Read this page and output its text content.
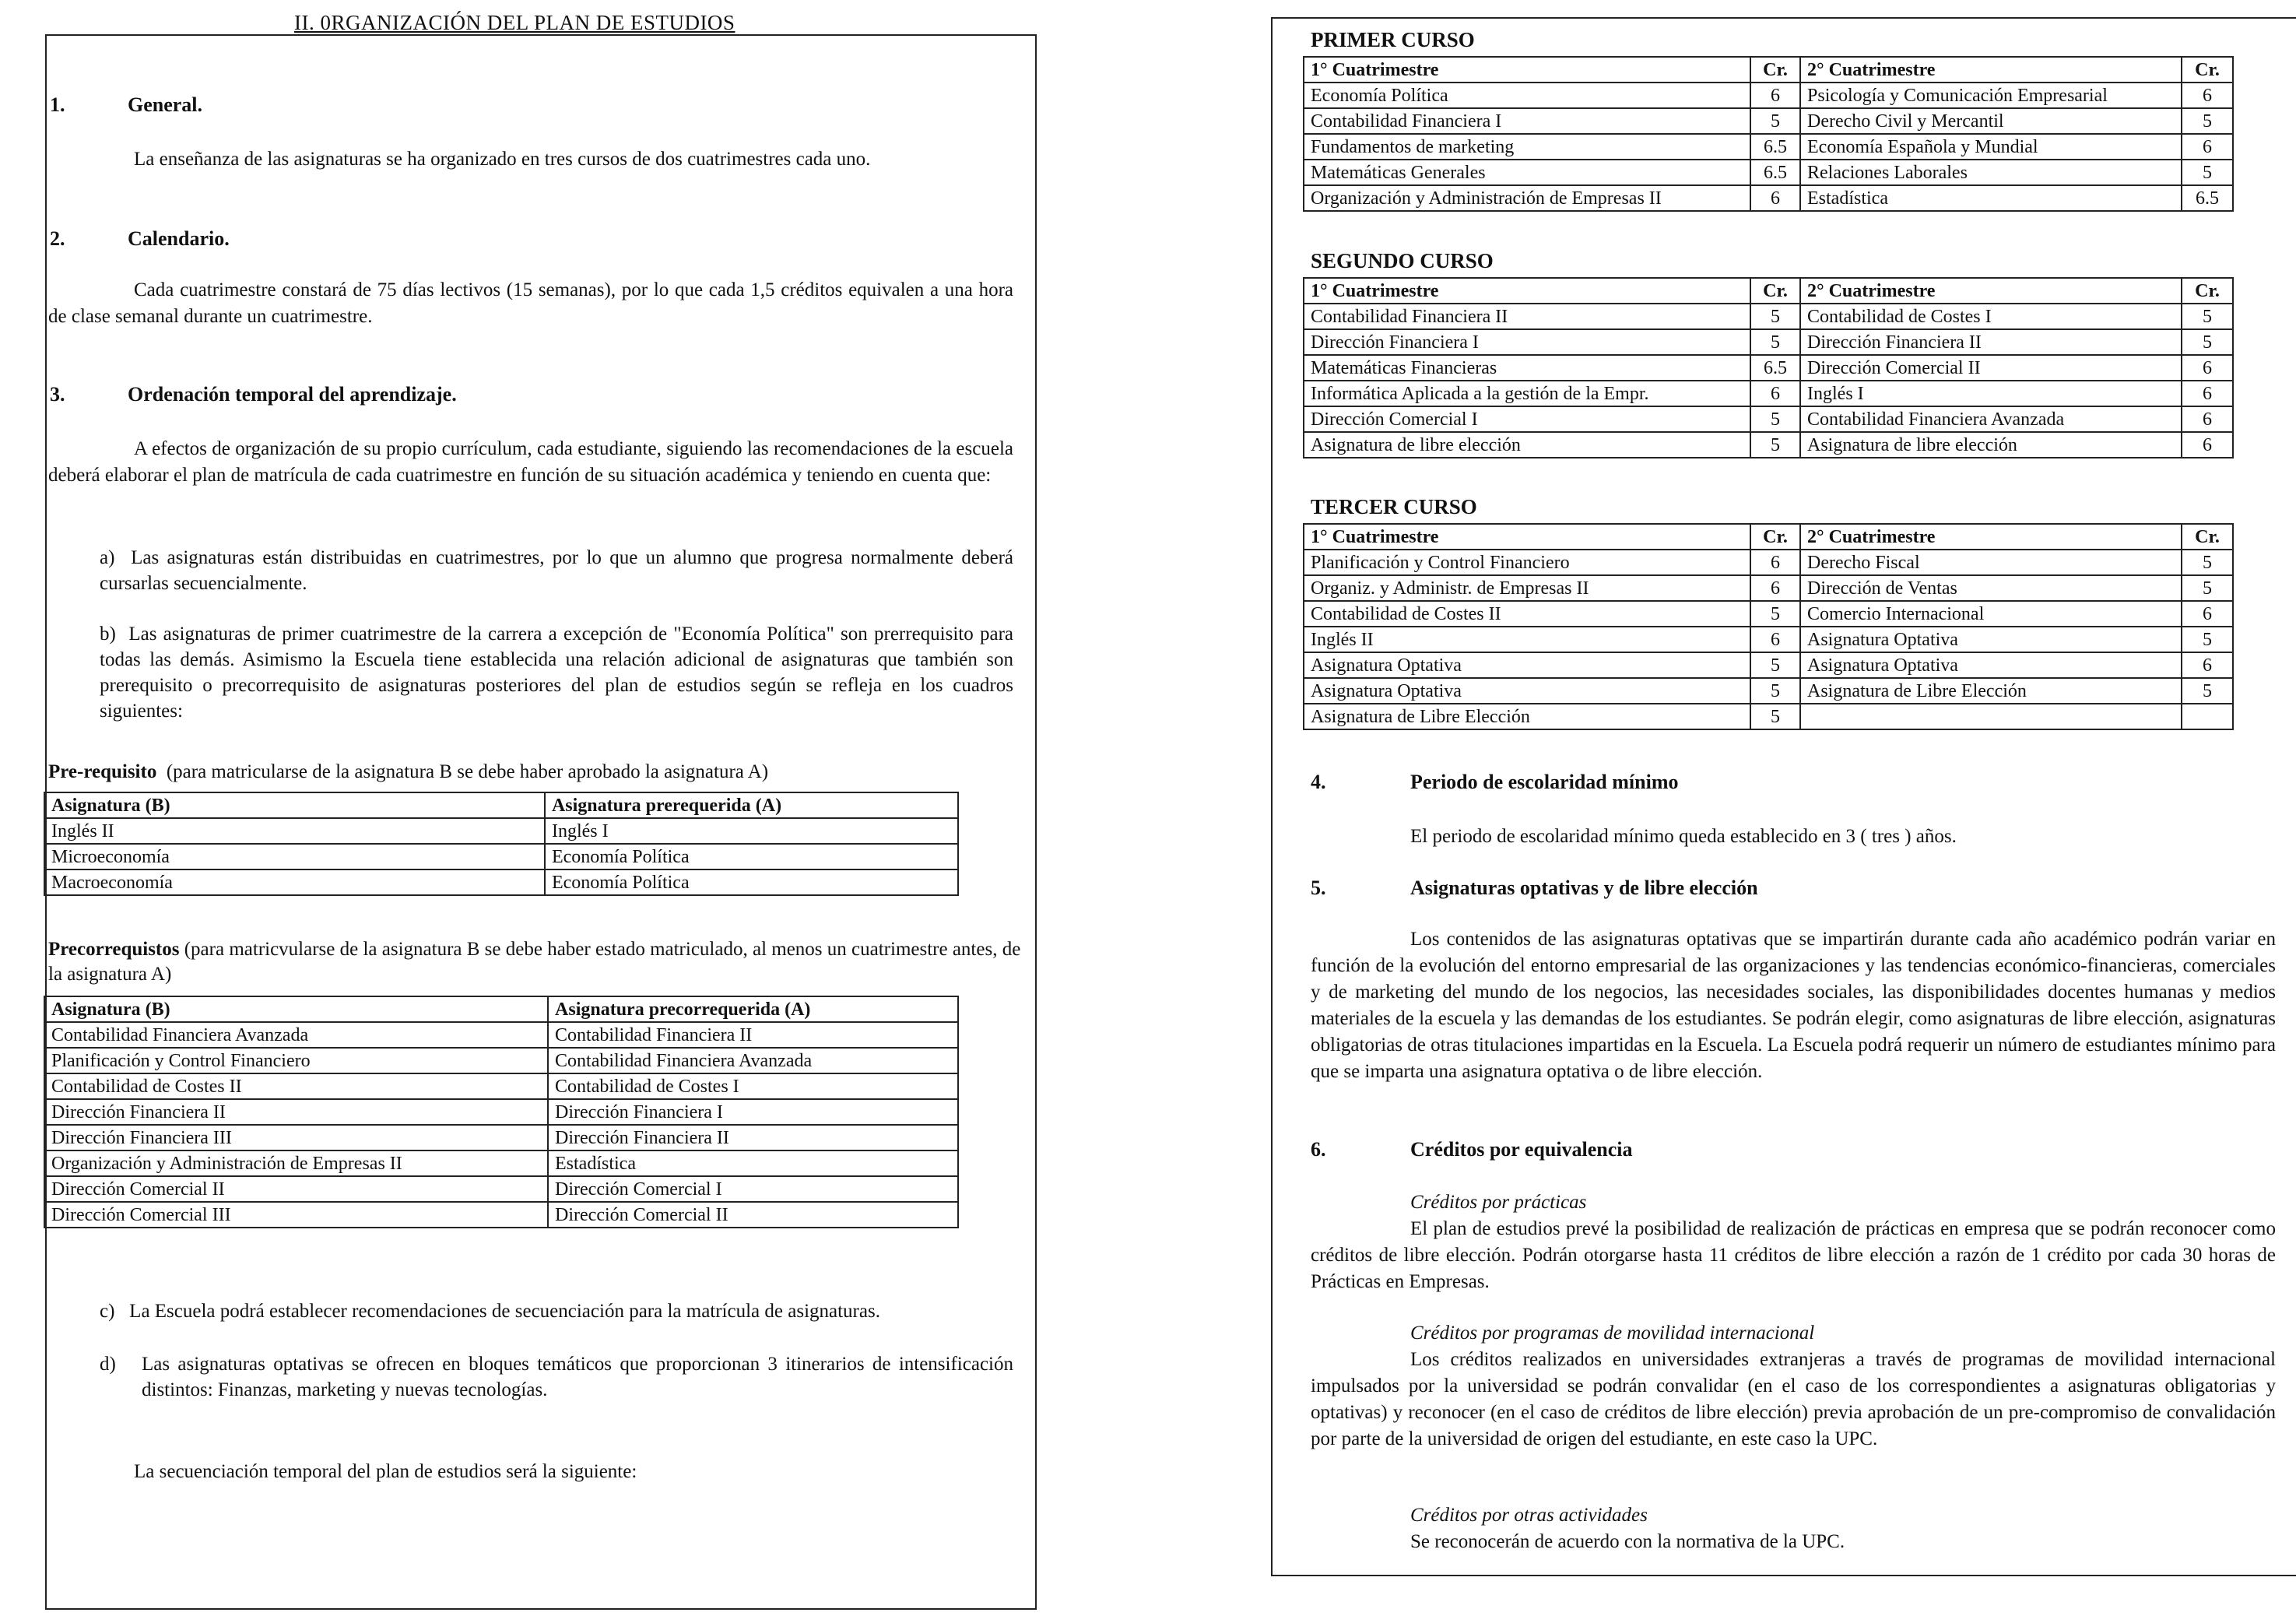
II. 0RGANIZACIÓN DEL PLAN DE ESTUDIOS
1.	General.
La enseñanza de las asignaturas se ha organizado en tres cursos de dos cuatrimestres cada uno.
2.	Calendario.
Cada cuatrimestre constará de 75 días lectivos (15 semanas), por lo que cada 1,5 créditos equivalen a una hora de clase semanal durante un cuatrimestre.
3.	Ordenación temporal del aprendizaje.
A efectos de organización de su propio currículum, cada estudiante, siguiendo las recomendaciones de la escuela deberá elaborar el plan de matrícula de cada cuatrimestre en función de su situación académica y teniendo en cuenta que:
a) Las asignaturas están distribuidas en cuatrimestres, por lo que un alumno que progresa normalmente deberá cursarlas secuencialmente.
b) Las asignaturas de primer cuatrimestre de la carrera a excepción de "Economía Política" son prerrequisito para todas las demás. Asimismo la Escuela tiene establecida una relación adicional de asignaturas que también son prerequisito o precorrequisito de asignaturas posteriores del plan de estudios según se refleja en los cuadros siguientes:
Pre-requisito (para matricularse de la asignatura B se debe haber aprobado la asignatura A)
Asignatura (B)	Asignatura prerequerida (A)
Inglés II	Inglés I
Microeconomía	Economía Política
Macroeconomía	Economía Política
Precorrequistos (para matricvularse de la asignatura B se debe haber estado matriculado, al menos un cuatrimestre antes, de la asignatura A)
Asignatura (B)	Asignatura precorrequerida (A)
Contabilidad Financiera Avanzada	Contabilidad Financiera II
Planificación y Control Financiero	Contabilidad Financiera Avanzada
Contabilidad de Costes II	Contabilidad de Costes I
Dirección Financiera II	Dirección Financiera I
Dirección Financiera III	Dirección Financiera II
Organización y Administración de Empresas II	Estadística
Dirección Comercial II	Dirección Comercial I
Dirección Comercial III	Dirección Comercial II
c) La Escuela podrá establecer recomendaciones de secuenciación para la matrícula de asignaturas.
d) Las asignaturas optativas se ofrecen en bloques temáticos que proporcionan 3 itinerarios de intensificación distintos: Finanzas, marketing y nuevas tecnologías.
La secuenciación temporal del plan de estudios será la siguiente:
PRIMER CURSO
1° Cuatrimestre	Cr.	2° Cuatrimestre	Cr.
Economía Política	6	Psicología y Comunicación Empresarial	6
Contabilidad Financiera I	5	Derecho Civil y Mercantil	5
Fundamentos de marketing	6.5	Economía Española y Mundial	6
Matemáticas Generales	6.5	Relaciones Laborales	5
Organización y Administración de Empresas II	6	Estadística	6.5
SEGUNDO CURSO
1° Cuatrimestre	Cr.	2° Cuatrimestre	Cr.
Contabilidad Financiera II	5	Contabilidad de Costes I	5
Dirección Financiera I	5	Dirección Financiera II	5
Matemáticas Financieras	6.5	Dirección Comercial II	6
Informática Aplicada a la gestión de la Empr.	6	Inglés I	6
Dirección Comercial I	5	Contabilidad Financiera Avanzada	6
Asignatura de libre elección	5	Asignatura de libre elección	6
TERCER CURSO
1° Cuatrimestre	Cr.	2° Cuatrimestre	Cr.
Planificación y Control Financiero	6	Derecho Fiscal	5
Organiz. y Administr. de Empresas II	6	Dirección de Ventas	5
Contabilidad de Costes II	5	Comercio Internacional	6
Inglés II	6	Asignatura Optativa	5
Asignatura Optativa	5	Asignatura Optativa	6
Asignatura Optativa	5	Asignatura de Libre Elección	5
Asignatura de Libre Elección	5		
4.	Periodo de escolaridad mínimo
El periodo de escolaridad mínimo queda establecido en 3 ( tres ) años.
5.	Asignaturas optativas y de libre elección
Los contenidos de las asignaturas optativas que se impartirán durante cada año académico podrán variar en función de la evolución del entorno empresarial de las organizaciones y las tendencias económico-financieras, comerciales y de marketing del mundo de los negocios, las necesidades sociales, las disponibilidades docentes humanas y medios materiales de la escuela y las demandas de los estudiantes. Se podrán elegir, como asignaturas de libre elección, asignaturas obligatorias de otras titulaciones impartidas en la Escuela. La Escuela podrá requerir un número de estudiantes mínimo para que se imparta una asignatura optativa o de libre elección.
6.	Créditos por equivalencia
Créditos por prácticas
El plan de estudios prevé la posibilidad de realización de prácticas en empresa que se podrán reconocer como créditos de libre elección. Podrán otorgarse hasta 11 créditos de libre elección a razón de 1 crédito por cada 30 horas de Prácticas en Empresas.
Créditos por programas de movilidad internacional
Los créditos realizados en universidades extranjeras a través de programas de movilidad internacional impulsados por la universidad se podrán convalidar (en el caso de los correspondientes a asignaturas obligatorias y optativas) y reconocer (en el caso de créditos de libre elección) previa aprobación de un pre-compromiso de convalidación por parte de la universidad de origen del estudiante, en este caso la UPC.
Créditos por otras actividades
Se reconocerán de acuerdo con la normativa de la UPC.
